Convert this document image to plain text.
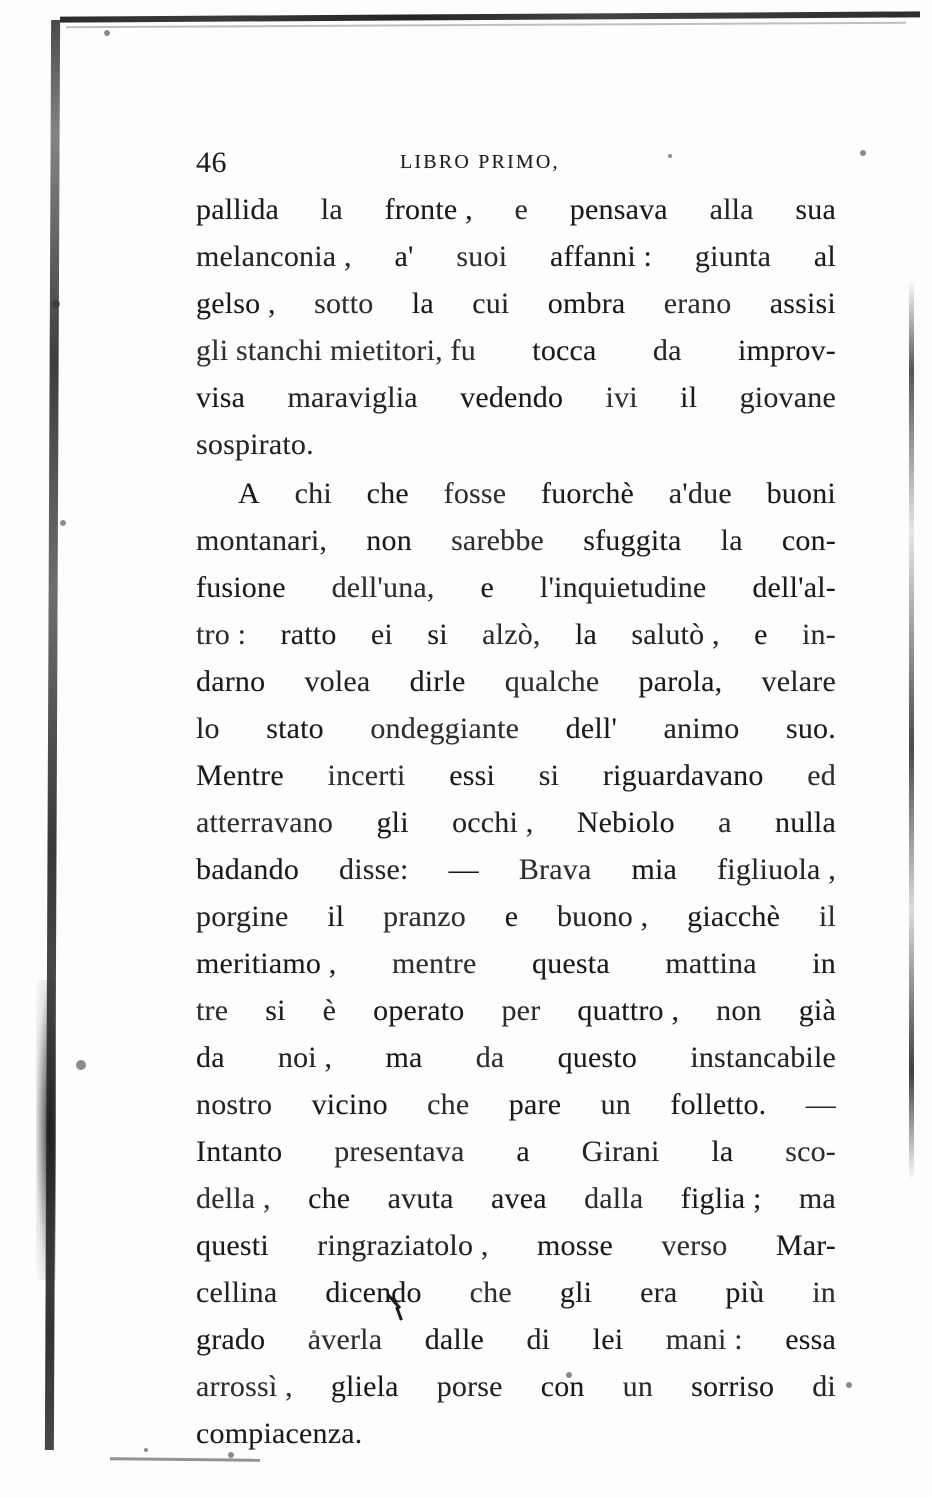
46	LIBRO PRIMO,
pallida la fronte , e pensava alla sua
melanconia , a' suoi affanni : giunta al
gelso , sotto la cui ombra erano assisi
gli stanchi mietitori, fu tocca da improv-
visa maraviglia vedendo ivi il giovane
sospirato.
A chi che fosse fuorchè a'due buoni
montanari, non sarebbe sfuggita la con-
fusione dell'una, e l'inquietudine dell'al-
tro : ratto ei si alzò, la salutò , e in-
darno volea dirle qualche parola, velare
lo stato ondeggiante dell' animo suo.
Mentre incerti essi si riguardavano ed
atterravano gli occhi , Nebiolo a nulla
badando disse: — Brava mia figliuola ,
porgine il pranzo e buono , giacchè il
meritiamo , mentre questa mattina in
tre si è operato per quattro , non già
da noi , ma da questo instancabile
nostro vicino che pare un folletto. —
Intanto presentava a Girani la sco-
della , che avuta avea dalla figlia ; ma
questi ringraziatolo , mosse verso Mar-
cellina dicendo che gli era più in
grado averla dalle di lei mani : essa
arrossì , gliela porse con un sorriso di
compiacenza.
